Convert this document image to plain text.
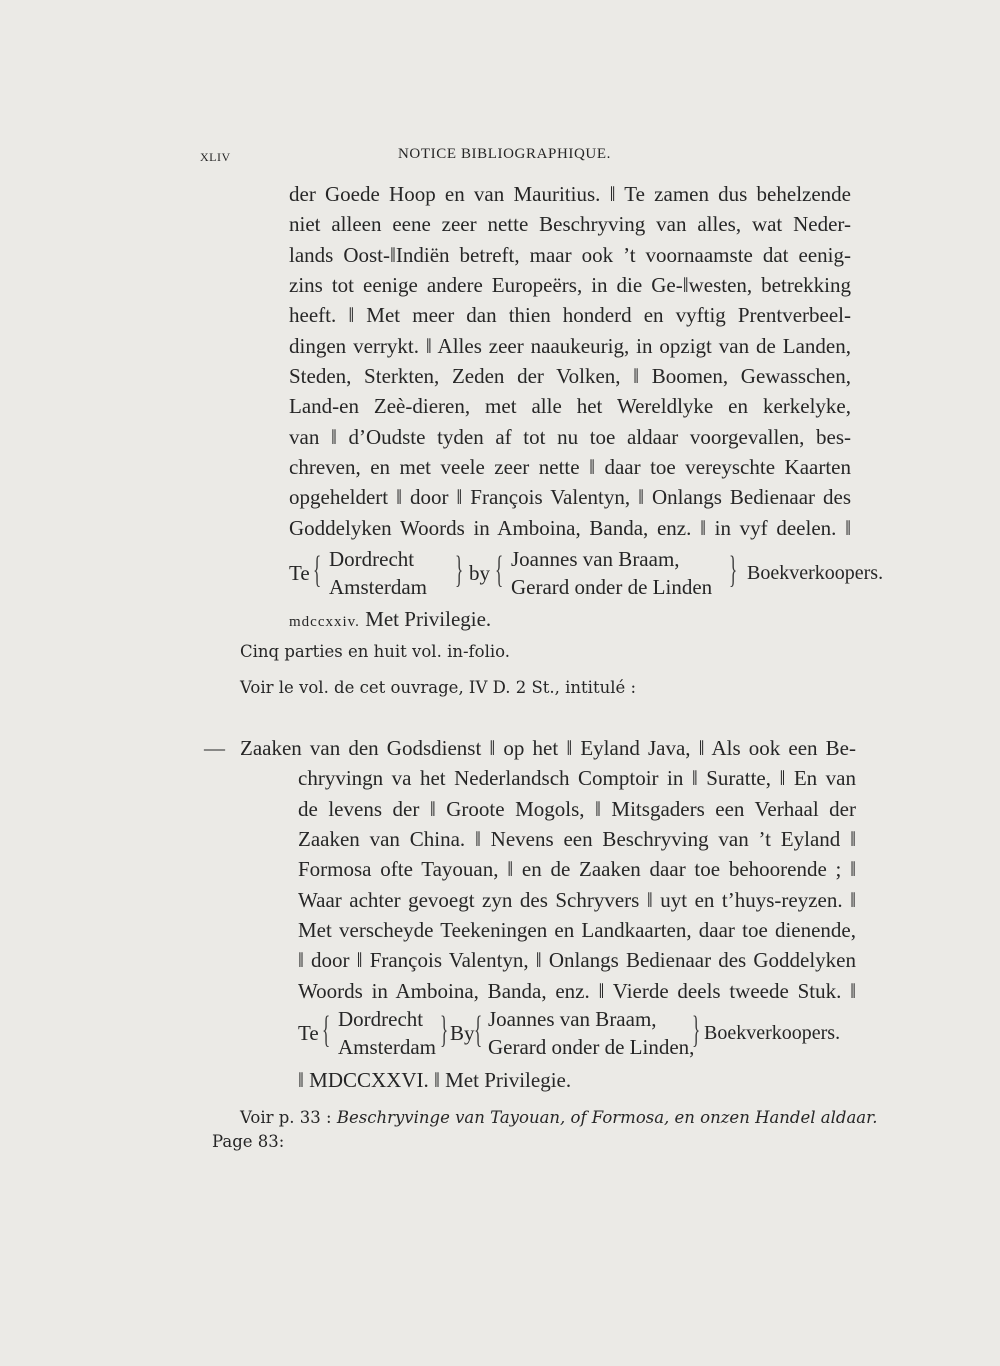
XLIV	NOTICE BIBLIOGRAPHIQUE.
der Goede Hoop en van Mauritius. ‖ Te zamen dus behelzende
niet alleen eene zeer nette Beschryving van alles, wat Neder-
lands Oost-‖Indiën betreft, maar ook ’t voornaamste dat eenig-
zins tot eenige andere Europeërs, in die Ge-‖westen, betrekking
heeft. ‖ Met meer dan thien honderd en vyftig Prentverbeel-
dingen verrykt. ‖ Alles zeer naaukeurig, in opzigt van de Landen,
Steden, Sterkten, Zeden der Volken, ‖ Boomen, Gewasschen,
Land-en Zeè-dieren, met alle het Wereldlyke en kerkelyke,
van ‖ d’Oudste tyden af tot nu toe aldaar voorgevallen, bes-
chreven, en met veele zeer nette ‖ daar toe vereyschte Kaarten
opgeheldert ‖ door ‖ François Valentyn, ‖ Onlangs Bedienaar des
Goddelyken Woords in Amboina, Banda, enz. ‖ in vyf deelen. ‖
Te { Dordrecht
Amsterdam } by { Joannes van Braam,
Gerard onder de Linden } Boekverkoopers.
mdccxxiv. Met Privilegie.
Cinq parties en huit vol. in-folio.
Voir le vol. de cet ouvrage, IV D. 2 St., intitulé :
— Zaaken van den Godsdienst ‖ op het ‖ Eyland Java, ‖ Als ook een Be-
chryvingn va het Nederlandsch Comptoir in ‖ Suratte, ‖ En van
de levens der ‖ Groote Mogols, ‖ Mitsgaders een Verhaal der
Zaaken van China. ‖ Nevens een Beschryving van ’t Eyland ‖
Formosa ofte Tayouan, ‖ en de Zaaken daar toe behoorende ; ‖
Waar achter gevoegt zyn des Schryvers ‖ uyt en t’huys-reyzen. ‖
Met verscheyde Teekeningen en Landkaarten, daar toe dienende,
‖ door ‖ François Valentyn, ‖ Onlangs Bedienaar des Goddelyken
Woords in Amboina, Banda, enz. ‖ Vierde deels tweede Stuk. ‖
Te { Dordrecht
Amsterdam } By { Joannes van Braam,
Gerard onder de Linden,
} Boekverkoopers.
‖ MDCCXXVI. ‖ Met Privilegie.
Voir p. 33 : Beschryvinge van Tayouan, of Formosa, en onzen Handel aldaar.
Page 83:
